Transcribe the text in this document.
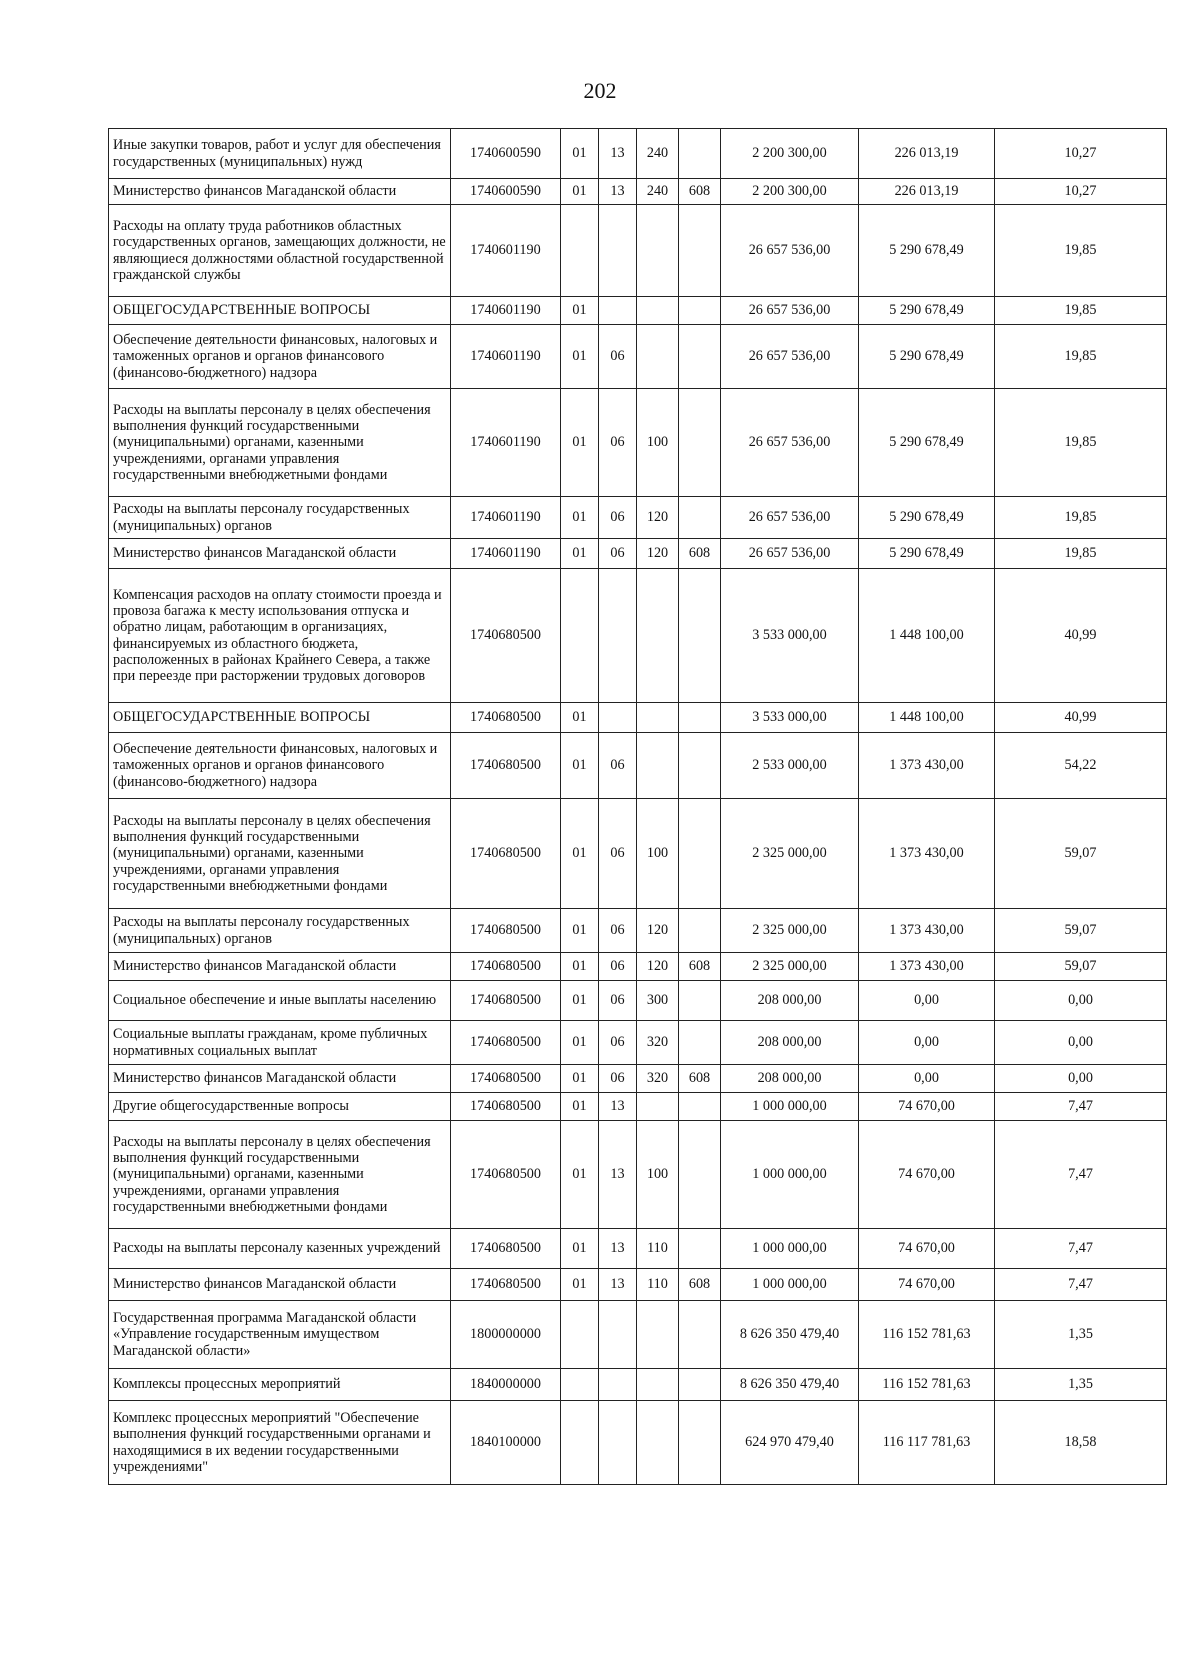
202
Иные закупки товаров, работ и услуг для обеспечения государственных (муниципальных) нужд	1740600590	01	13	240		2 200 300,00	226 013,19	10,27
Министерство финансов Магаданской области	1740600590	01	13	240	608	2 200 300,00	226 013,19	10,27
Расходы на оплату труда работников областных государственных органов, замещающих должности, не являющиеся должностями областной государственной гражданской службы	1740601190					26 657 536,00	5 290 678,49	19,85
ОБЩЕГОСУДАРСТВЕННЫЕ ВОПРОСЫ	1740601190	01				26 657 536,00	5 290 678,49	19,85
Обеспечение деятельности финансовых, налоговых и таможенных органов и органов финансового (финансово-бюджетного) надзора	1740601190	01	06			26 657 536,00	5 290 678,49	19,85
Расходы на выплаты персоналу в целях обеспечения выполнения функций государственными (муниципальными) органами, казенными учреждениями, органами управления государственными внебюджетными фондами	1740601190	01	06	100		26 657 536,00	5 290 678,49	19,85
Расходы на выплаты персоналу государственных (муниципальных) органов	1740601190	01	06	120		26 657 536,00	5 290 678,49	19,85
Министерство финансов Магаданской области	1740601190	01	06	120	608	26 657 536,00	5 290 678,49	19,85
Компенсация расходов на оплату стоимости проезда и провоза багажа к месту использования отпуска и обратно лицам, работающим в организациях, финансируемых из областного бюджета, расположенных в районах Крайнего Севера, а также при переезде при расторжении трудовых договоров	1740680500					3 533 000,00	1 448 100,00	40,99
ОБЩЕГОСУДАРСТВЕННЫЕ ВОПРОСЫ	1740680500	01				3 533 000,00	1 448 100,00	40,99
Обеспечение деятельности финансовых, налоговых и таможенных органов и органов финансового (финансово-бюджетного) надзора	1740680500	01	06			2 533 000,00	1 373 430,00	54,22
Расходы на выплаты персоналу в целях обеспечения выполнения функций государственными (муниципальными) органами, казенными учреждениями, органами управления государственными внебюджетными фондами	1740680500	01	06	100		2 325 000,00	1 373 430,00	59,07
Расходы на выплаты персоналу государственных (муниципальных) органов	1740680500	01	06	120		2 325 000,00	1 373 430,00	59,07
Министерство финансов Магаданской области	1740680500	01	06	120	608	2 325 000,00	1 373 430,00	59,07
Социальное обеспечение и иные выплаты населению	1740680500	01	06	300		208 000,00	0,00	0,00
Социальные выплаты гражданам, кроме публичных нормативных социальных выплат	1740680500	01	06	320		208 000,00	0,00	0,00
Министерство финансов Магаданской области	1740680500	01	06	320	608	208 000,00	0,00	0,00
Другие общегосударственные вопросы	1740680500	01	13			1 000 000,00	74 670,00	7,47
Расходы на выплаты персоналу в целях обеспечения выполнения функций государственными (муниципальными) органами, казенными учреждениями, органами управления государственными внебюджетными фондами	1740680500	01	13	100		1 000 000,00	74 670,00	7,47
Расходы на выплаты персоналу казенных учреждений	1740680500	01	13	110		1 000 000,00	74 670,00	7,47
Министерство финансов Магаданской области	1740680500	01	13	110	608	1 000 000,00	74 670,00	7,47
Государственная программа Магаданской области «Управление государственным имуществом Магаданской области»	1800000000					8 626 350 479,40	116 152 781,63	1,35
Комплексы процессных мероприятий	1840000000					8 626 350 479,40	116 152 781,63	1,35
Комплекс процессных мероприятий "Обеспечение выполнения функций государственными органами и находящимися в их ведении государственными учреждениями"	1840100000					624 970 479,40	116 117 781,63	18,58
